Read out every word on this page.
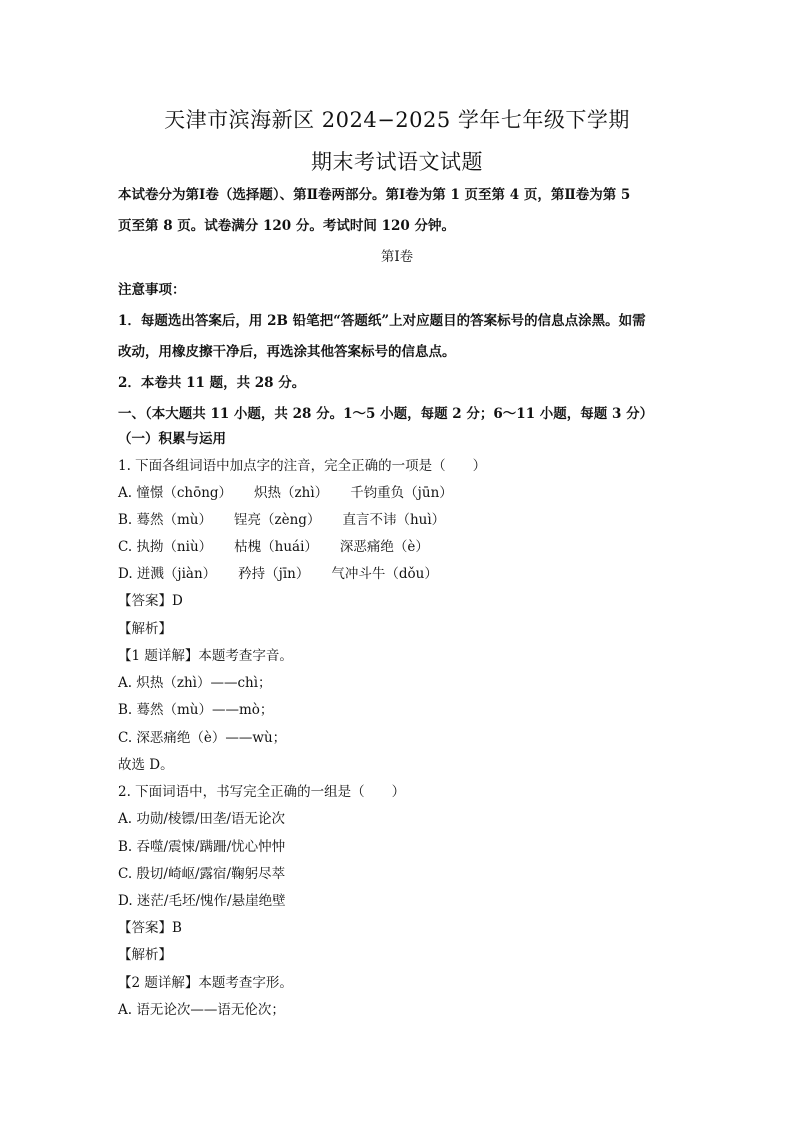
天津市滨海新区 2024−2025 学年七年级下学期
期末考试语文试题
本试卷分为第Ⅰ卷（选择题）、第Ⅱ卷两部分。第Ⅰ卷为第 1 页至第 4 页，第Ⅱ卷为第 5
页至第 8 页。试卷满分 120 分。考试时间 120 分钟。
第Ⅰ卷
注意事项：
1．每题选出答案后，用 2B 铅笔把“答题纸”上对应题目的答案标号的信息点涂黑。如需
改动，用橡皮擦干净后，再选涂其他答案标号的信息点。
2．本卷共 11 题，共 28 分。
一、（本大题共 11 小题，共 28 分。1～5 小题，每题 2 分；6～11 小题，每题 3 分）
（一）积累与运用
1. 下面各组词语中加点字的注音，完全正确的一项是（　　）
A. 憧憬（chōng） 炽热（zhì） 千钧重负（jūn）
B. 蓦然（mù） 锃亮（zèng） 直言不讳（huì）
C. 执拗（niù） 枯槐（huái） 深恶痛绝（è）
D. 迸溅（jiàn） 矜持（jīn） 气冲斗牛（dǒu）
【答案】D
【解析】
【1 题详解】本题考查字音。
A. 炽热（zhì）——chì；
B. 蓦然（mù）——mò；
C. 深恶痛绝（è）——wù；
故选 D。
2. 下面词语中，书写完全正确的一组是（　　）
A. 功勋/棱镖/田垄/语无论次
B. 吞噬/震悚/蹒跚/忧心忡忡
C. 殷切/崎岖/露宿/鞠躬尽萃
D. 迷茫/毛坯/愧作/悬崖绝壁
【答案】B
【解析】
【2 题详解】本题考查字形。
A. 语无论次——语无伦次；
